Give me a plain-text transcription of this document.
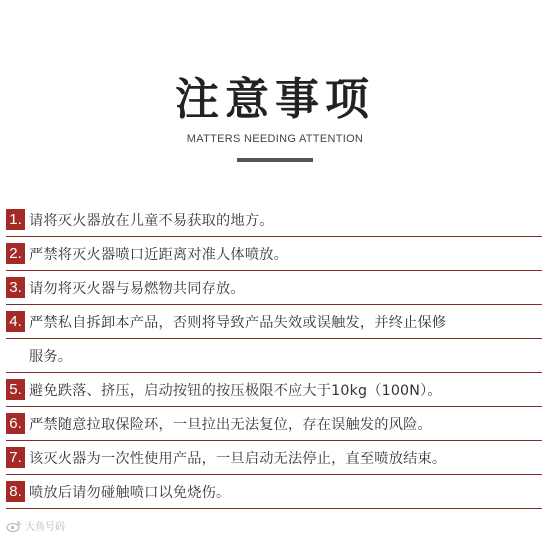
注意事项
MATTERS NEEDING ATTENTION
1. 请将灭火器放在儿童不易获取的地方。
2. 严禁将灭火器喷口近距离对准人体喷放。
3. 请勿将灭火器与易燃物共同存放。
4. 严禁私自拆卸本产品，否则将导致产品失效或误触发，并终止保修
服务。
5. 避免跌落、挤压，启动按钮的按压极限不应大于10kg（100N）。
6. 严禁随意拉取保险环，一旦拉出无法复位，存在误触发的风险。
7. 该灭火器为一次性使用产品，一旦启动无法停止，直至喷放结束。
8. 喷放后请勿碰触喷口以免烧伤。
大鱼号码
